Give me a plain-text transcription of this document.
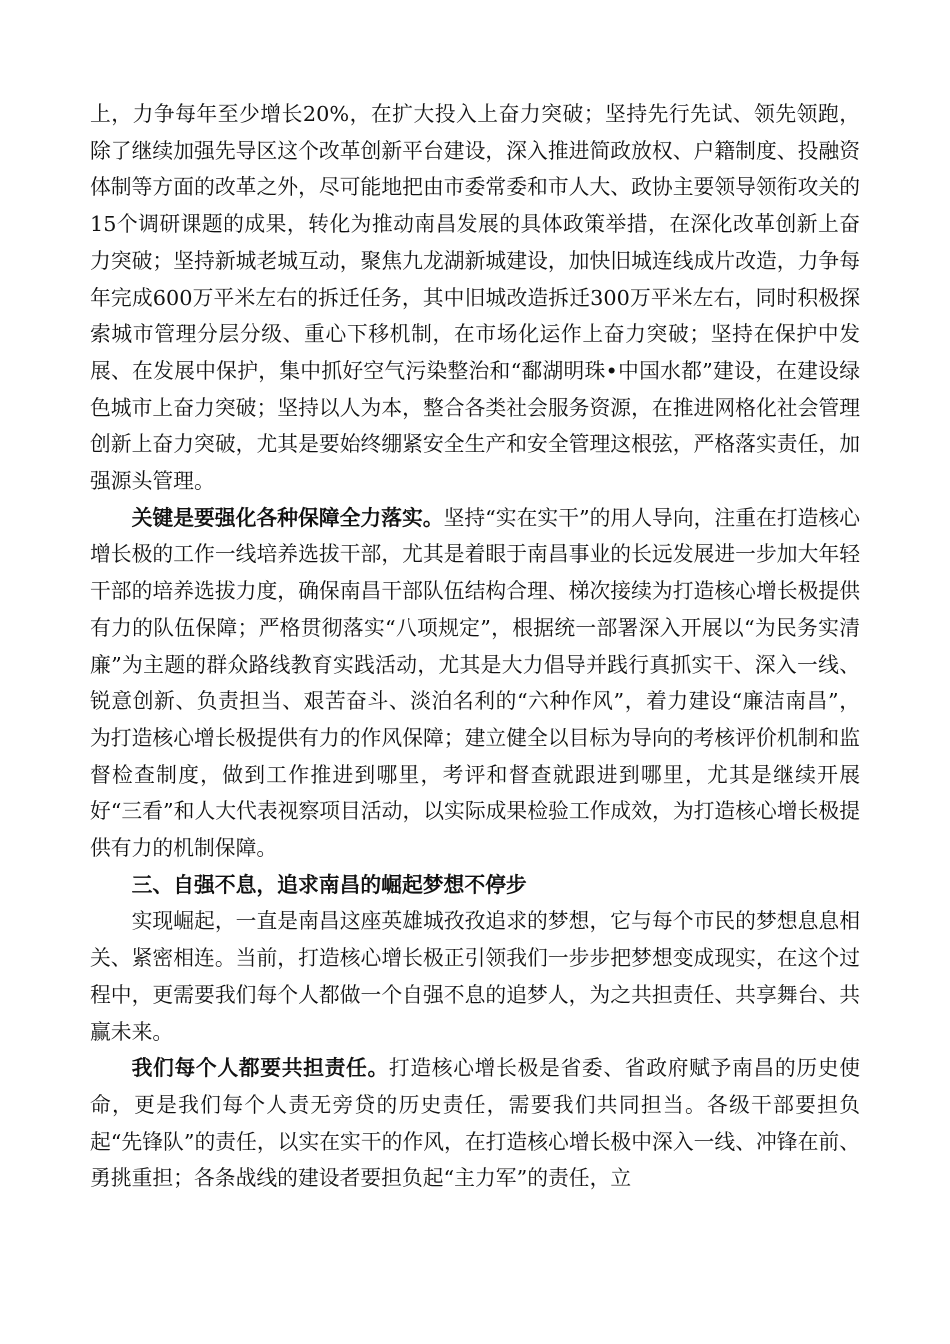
上，力争每年至少增长20%，在扩大投入上奋力突破；坚持先行先试、领先领跑，除了继续加强先导区这个改革创新平台建设，深入推进简政放权、户籍制度、投融资体制等方面的改革之外，尽可能地把由市委常委和市人大、政协主要领导领衔攻关的15个调研课题的成果，转化为推动南昌发展的具体政策举措，在深化改革创新上奋力突破；坚持新城老城互动，聚焦九龙湖新城建设，加快旧城连线成片改造，力争每年完成600万平米左右的拆迁任务，其中旧城改造拆迁300万平米左右，同时积极探索城市管理分层分级、重心下移机制，在市场化运作上奋力突破；坚持在保护中发展、在发展中保护，集中抓好空气污染整治和“鄱湖明珠•中国水都”建设，在建设绿色城市上奋力突破；坚持以人为本，整合各类社会服务资源，在推进网格化社会管理创新上奋力突破，尤其是要始终绷紧安全生产和安全管理这根弦，严格落实责任，加强源头管理。

关键是要强化各种保障全力落实。坚持“实在实干”的用人导向，注重在打造核心增长极的工作一线培养选拔干部，尤其是着眼于南昌事业的长远发展进一步加大年轻干部的培养选拔力度，确保南昌干部队伍结构合理、梯次接续为打造核心增长极提供有力的队伍保障；严格贯彻落实“八项规定”，根据统一部署深入开展以“为民务实清廉”为主题的群众路线教育实践活动，尤其是大力倡导并践行真抓实干、深入一线、锐意创新、负责担当、艰苦奋斗、淡泊名利的“六种作风”，着力建设“廉洁南昌”，为打造核心增长极提供有力的作风保障；建立健全以目标为导向的考核评价机制和监督检查制度，做到工作推进到哪里，考评和督查就跟进到哪里，尤其是继续开展好“三看”和人大代表视察项目活动，以实际成果检验工作成效，为打造核心增长极提供有力的机制保障。

三、自强不息，追求南昌的崛起梦想不停步

实现崛起，一直是南昌这座英雄城孜孜追求的梦想，它与每个市民的梦想息息相关、紧密相连。当前，打造核心增长极正引领我们一步步把梦想变成现实，在这个过程中，更需要我们每个人都做一个自强不息的追梦人，为之共担责任、共享舞台、共赢未来。

我们每个人都要共担责任。打造核心增长极是省委、省政府赋予南昌的历史使命，更是我们每个人责无旁贷的历史责任，需要我们共同担当。各级干部要担负起“先锋队”的责任，以实在实干的作风，在打造核心增长极中深入一线、冲锋在前、勇挑重担；各条战线的建设者要担负起“主力军”的责任，立
